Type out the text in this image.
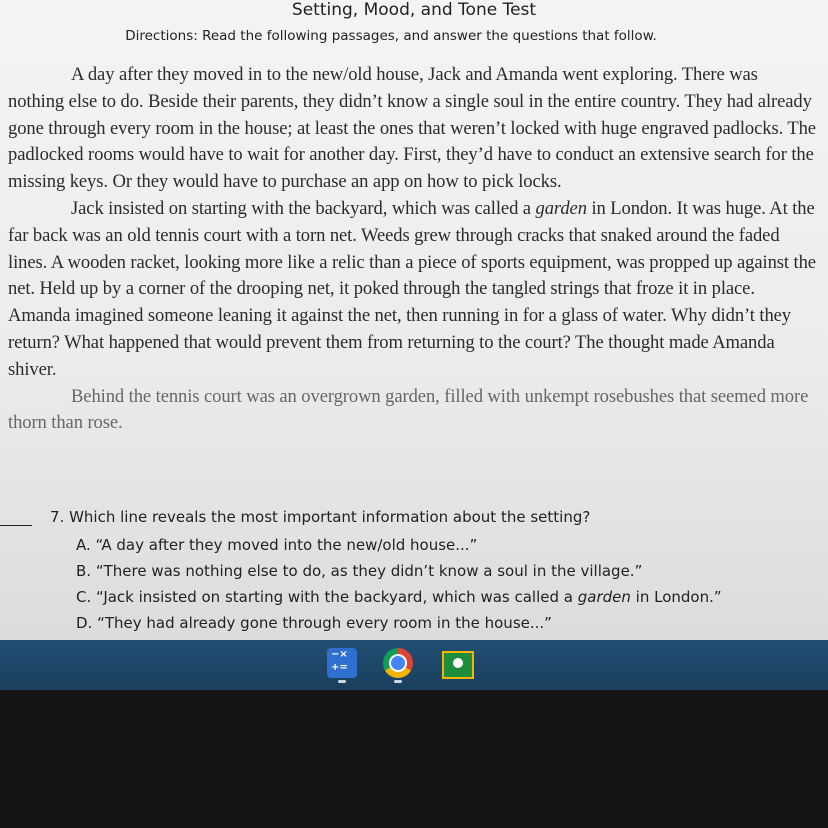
Setting, Mood, and Tone Test
Directions: Read the following passages, and answer the questions that follow.

A day after they moved in to the new/old house, Jack and Amanda went exploring. There was nothing else to do. Beside their parents, they didn’t know a single soul in the entire country. They had already gone through every room in the house; at least the ones that weren’t locked with huge engraved padlocks. The padlocked rooms would have to wait for another day. First, they’d have to conduct an extensive search for the missing keys. Or they would have to purchase an app on how to pick locks.

Jack insisted on starting with the backyard, which was called a garden in London. It was huge. At the far back was an old tennis court with a torn net. Weeds grew through cracks that snaked around the faded lines. A wooden racket, looking more like a relic than a piece of sports equipment, was propped up against the net. Held up by a corner of the drooping net, it poked through the tangled strings that froze it in place. Amanda imagined someone leaning it against the net, then running in for a glass of water. Why didn’t they return? What happened that would prevent them from returning to the court? The thought made Amanda shiver.

Behind the tennis court was an overgrown garden, filled with unkempt rosebushes that seemed more thorn than rose.

7. Which line reveals the most important information about the setting?
A. “A day after they moved into the new/old house...”
B. “There was nothing else to do, as they didn’t know a soul in the village.”
C. “Jack insisted on starting with the backyard, which was called a garden in London.”
D. “They had already gone through every room in the house...”
−× +=
